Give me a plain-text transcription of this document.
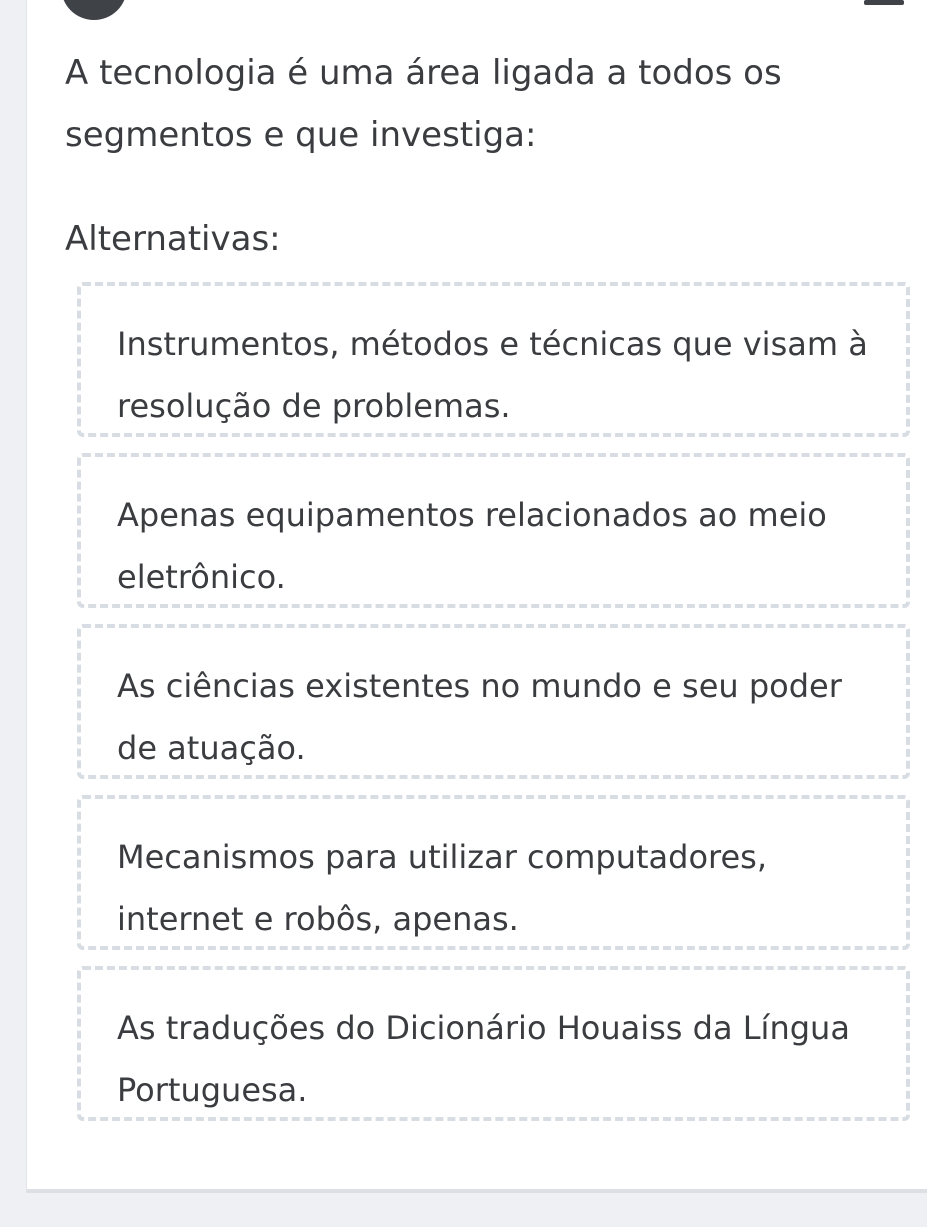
A tecnologia é uma área ligada a todos os segmentos e que investiga:

Alternativas:

Instrumentos, métodos e técnicas que visam à resolução de problemas.
Apenas equipamentos relacionados ao meio eletrônico.
As ciências existentes no mundo e seu poder de atuação.
Mecanismos para utilizar computadores, internet e robôs, apenas.
As traduções do Dicionário Houaiss da Língua Portuguesa.
